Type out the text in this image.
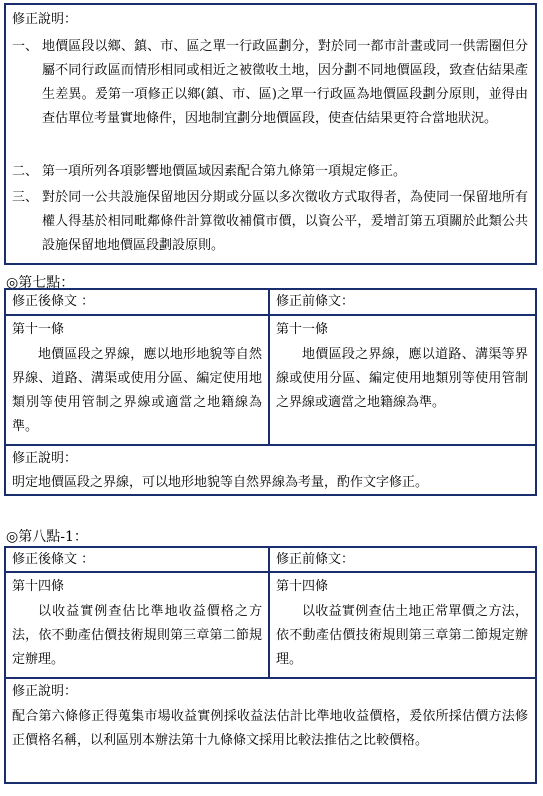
修正說明：
一、 地價區段以鄉、鎮、市、區之單一行政區劃分，對於同一都市計畫或同一供需圈但分屬不同行政區而情形相同或相近之被徵收土地，因分劃不同地價區段，致查估結果產生差異。爰第一項修正以鄉(鎮、市、區)之單一行政區為地價區段劃分原則，並得由查估單位考量實地條件，因地制宜劃分地價區段，使查估結果更符合當地狀況。
二、 第一項所列各項影響地價區域因素配合第九條第一項規定修正。
三、 對於同一公共設施保留地因分期或分區以多次徵收方式取得者，為使同一保留地所有權人得基於相同毗鄰條件計算徵收補償市價，以資公平，爰增訂第五項關於此類公共設施保留地地價區段劃設原則。
◎第七點：
修正後條文 ：	修正前條文：
第十一條
地價區段之界線，應以地形地貌等自然界線、道路、溝渠或使用分區、編定使用地類別等使用管制之界線或適當之地籍線為準。
第十一條
地價區段之界線，應以道路、溝渠等界線或使用分區、編定使用地類別等使用管制之界線或適當之地籍線為準。
修正說明：
明定地價區段之界線，可以地形地貌等自然界線為考量，酌作文字修正。
◎第八點-1：
修正後條文 ：	修正前條文：
第十四條
以收益實例查估比準地收益價格之方法，依不動產估價技術規則第三章第二節規定辦理。
第十四條
以收益實例查估土地正常單價之方法，依不動產估價技術規則第三章第二節規定辦理。
修正說明：
配合第六條修正得蒐集市場收益實例採收益法估計比準地收益價格，爰依所採估價方法修正價格名稱，以利區別本辦法第十九條條文採用比較法推估之比較價格。
